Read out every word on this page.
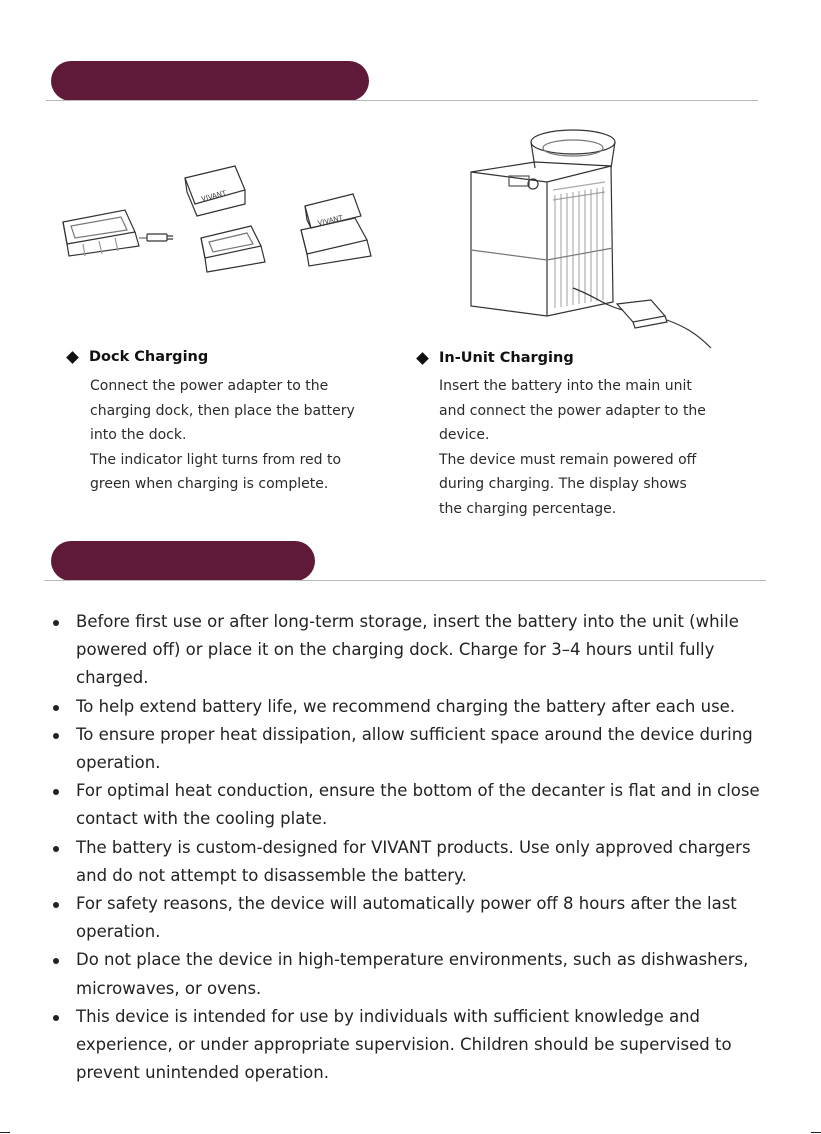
VIVANT
VIVANT
Dock Charging

Connect the power adapter to the

charging dock, then place the battery

into the dock.

The indicator light turns from red to

green when charging is complete.

In-Unit Charging

Insert the battery into the main unit

and connect the power adapter to the

device.

The device must remain powered off

during charging. The display shows

the charging percentage.

Before first use or after long-term storage, insert the battery into the unit (while powered off) or place it on the charging dock. Charge for 3–4 hours until fully charged.
To help extend battery life, we recommend charging the battery after each use.
To ensure proper heat dissipation, allow sufficient space around the device during operation.
For optimal heat conduction, ensure the bottom of the decanter is flat and in close contact with the cooling plate.
The battery is custom-designed for VIVANT products. Use only approved chargers and do not attempt to disassemble the battery.
For safety reasons, the device will automatically power off 8 hours after the last operation.
Do not place the device in high-temperature environments, such as dishwashers, microwaves, or ovens.
This device is intended for use by individuals with sufficient knowledge and experience, or under appropriate supervision. Children should be supervised to prevent unintended operation.
